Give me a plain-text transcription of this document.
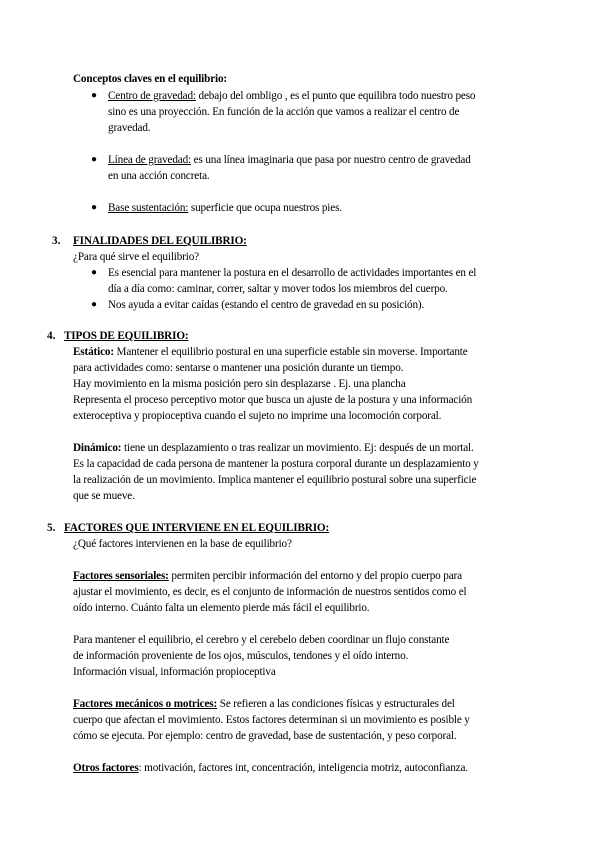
Conceptos claves en el equilibrio:
● Centro de gravedad: debajo del ombligo , es el punto que equilibra todo nuestro peso
sino es una proyección. En función de la acción que vamos a realizar el centro de
gravedad.
● Línea de gravedad: es una línea imaginaria que pasa por nuestro centro de gravedad
en una acción concreta.
● Base sustentación: superficie que ocupa nuestros pies.
3. FINALIDADES DEL EQUILIBRIO:
¿Para qué sirve el equilibrio?
● Es esencial para mantener la postura en el desarrollo de actividades importantes en el
día a día como: caminar, correr, saltar y mover todos los miembros del cuerpo.
● Nos ayuda a evitar caídas (estando el centro de gravedad en su posición).
4. TIPOS DE EQUILIBRIO:
Estático: Mantener el equilibrio postural en una superficie estable sin moverse. Importante
para actividades como: sentarse o mantener una posición durante un tiempo.
Hay movimiento en la misma posición pero sin desplazarse . Ej. una plancha
Representa el proceso perceptivo motor que busca un ajuste de la postura y una información
exteroceptiva y propioceptiva cuando el sujeto no imprime una locomoción corporal.
Dinámico: tiene un desplazamiento o tras realizar un movimiento. Ej: después de un mortal.
Es la capacidad de cada persona de mantener la postura corporal durante un desplazamiento y
la realización de un movimiento. Implica mantener el equilibrio postural sobre una superficie
que se mueve.
5. FACTORES QUE INTERVIENE EN EL EQUILIBRIO:
¿Qué factores intervienen en la base de equilibrio?
Factores sensoriales: permiten percibir información del entorno y del propio cuerpo para
ajustar el movimiento, es decir, es el conjunto de información de nuestros sentidos como el
oído interno. Cuánto falta un elemento pierde más fácil el equilibrio.
Para mantener el equilibrio, el cerebro y el cerebelo deben coordinar un flujo constante
de información proveniente de los ojos, músculos, tendones y el oído interno.
Información visual, información propioceptiva
Factores mecánicos o motrices: Se refieren a las condiciones físicas y estructurales del
cuerpo que afectan el movimiento. Estos factores determinan si un movimiento es posible y
cómo se ejecuta. Por ejemplo: centro de gravedad, base de sustentación, y peso corporal.
Otros factores: motivación, factores int, concentración, inteligencia motriz, autoconfianza.
